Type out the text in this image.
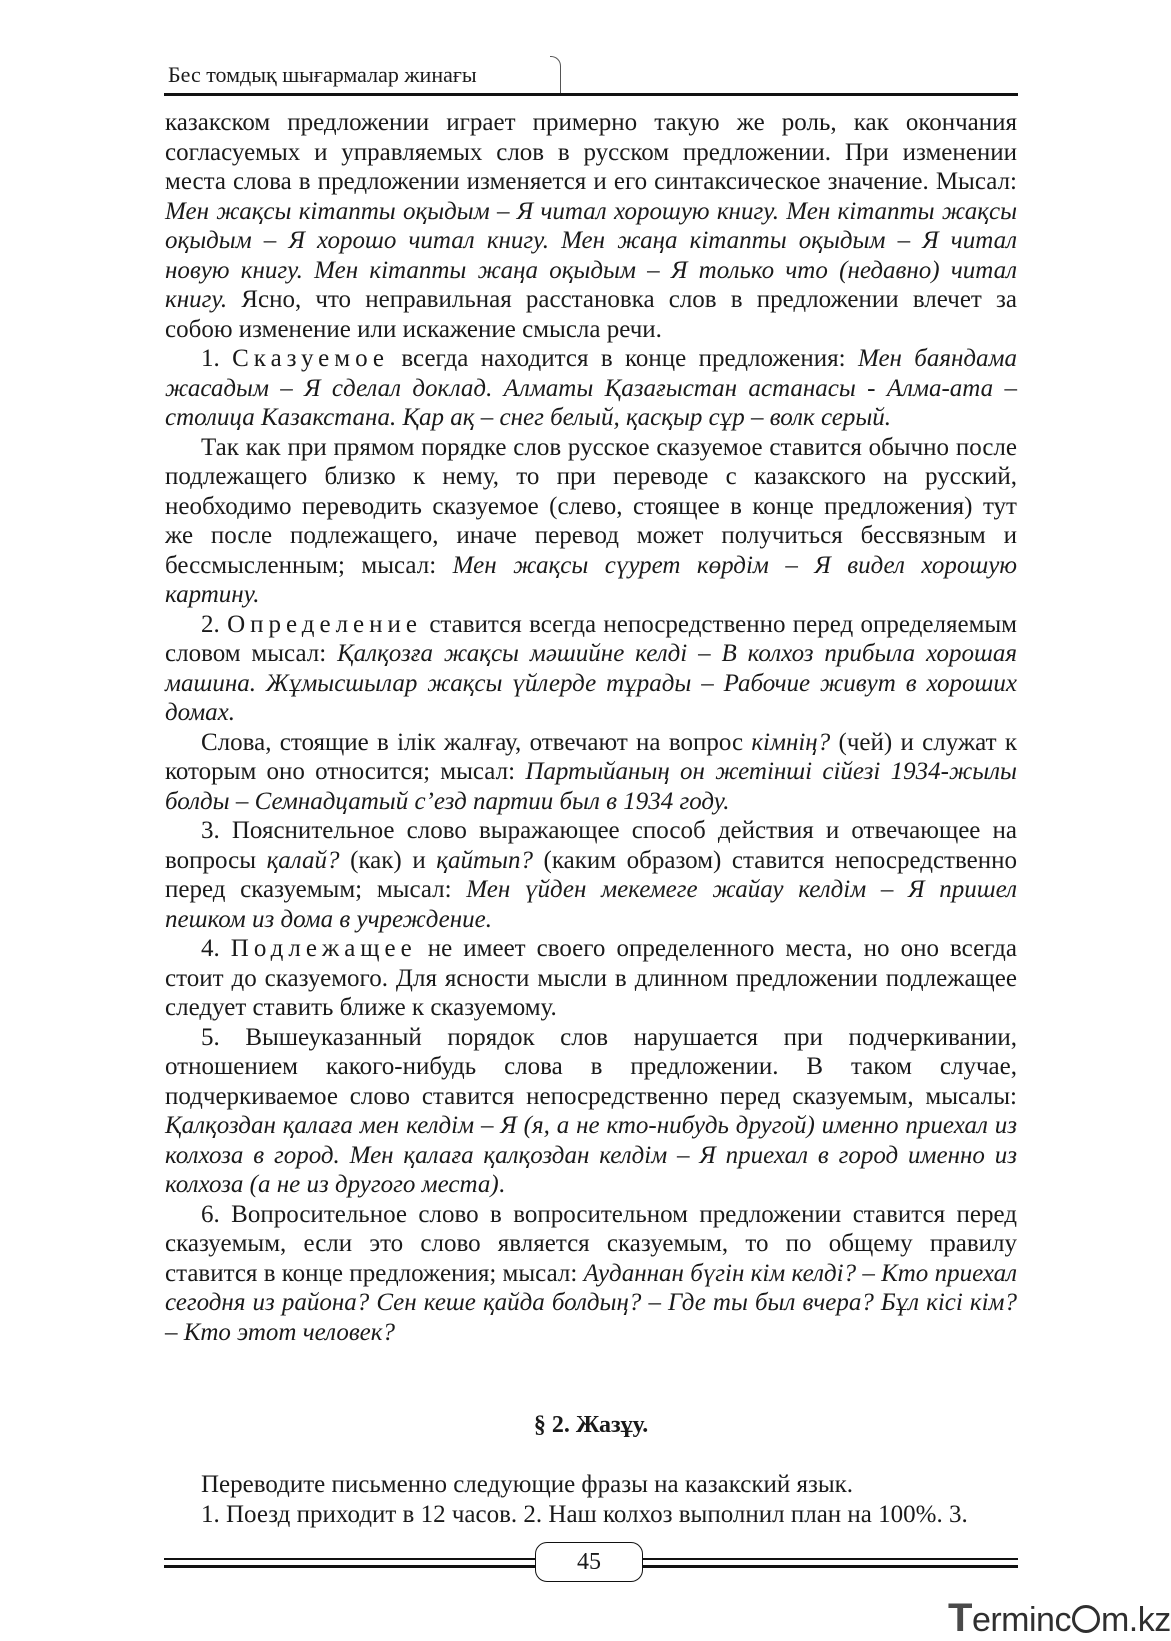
Бес томдық шығармалар жинағы

казакском предложении играет примерно такую же роль, как окончания согласуемых и управляемых слов в русском предложении. При изменении места слова в предложении изменяется и его синтаксическое значение. Мысал: Мен жақсы кітапты оқыдым – Я читал хорошую книгу. Мен кітапты жақсы оқыдым – Я хорошо читал книгу. Мен жаңа кітапты оқыдым – Я читал новую книгу. Мен кітапты жаңа оқыдым – Я только что (недавно) читал книгу. Ясно, что неправильная расстановка слов в предложении влечет за собою изменение или искажение смысла речи.

1. Сказуемое всегда находится в конце предложения: Мен баяндама жасадым – Я сделал доклад. Алматы Қазағыстан астанасы - Алма-ата – столица Казакстана. Қар ақ – снег белый, қасқыр сұр – волк серый.

Так как при прямом порядке слов русское сказуемое ставится обычно после подлежащего близко к нему, то при переводе с казакского на русский, необходимо переводить сказуемое (слево, стоящее в конце предложения) тут же после подлежащего, иначе перевод может получиться бессвязным и бессмысленным; мысал: Мен жақсы сүурет көрдім – Я видел хорошую картину.

2. Определение ставится всегда непосредственно перед определяемым словом мысал: Қалқозға жақсы мәшийне келді – В колхоз прибыла хорошая машина. Жұмысшылар жақсы үйлерде тұрады – Рабочие живут в хороших домах.

Слова, стоящие в ілік жалғау, отвечают на вопрос кімнің? (чей) и служат к которым оно относится; мысал: Партыйаның он жетінші сійезі 1934-жылы болды – Семнадцатый с’езд партии был в 1934 году.

3. Пояснительное слово выражающее способ действия и отвечающее на вопросы қалай? (как) и қайтып? (каким образом) ставится непосредственно перед сказуемым; мысал: Мен үйден мекемеге жайау келдім – Я пришел пешком из дома в учреждение.

4. Подлежащее не имеет своего определенного места, но оно всегда стоит до сказуемого. Для ясности мысли в длинном предложении подлежащее следует ставить ближе к сказуемому.

5. Вышеуказанный порядок слов нарушается при подчеркивании, отношением какого-нибудь слова в предложении. В таком случае, подчеркиваемое слово ставится непосредственно перед сказуемым, мысалы: Қалқоздан қалаға мен келдім – Я (я, а не кто-нибудь другой) именно приехал из колхоза в город. Мен қалаға қалқоздан келдім – Я приехал в город именно из колхоза (а не из другого места).

6. Вопросительное слово в вопросительном предложении ставится перед сказуемым, если это слово является сказуемым, то по общему правилу ставится в конце предложения; мысал: Ауданнан бүгін кім келді? – Кто приехал сегодня из района? Сен кеше қайда болдың? – Где ты был вчера? Бұл кісі кім? – Кто этот человек?

§ 2. Жазұу.

Переводите письменно следующие фразы на казакский язык.

1. Поезд приходит в 12 часов. 2. Наш колхоз выполнил план на 100%. 3.

45
Terminc m.kz
